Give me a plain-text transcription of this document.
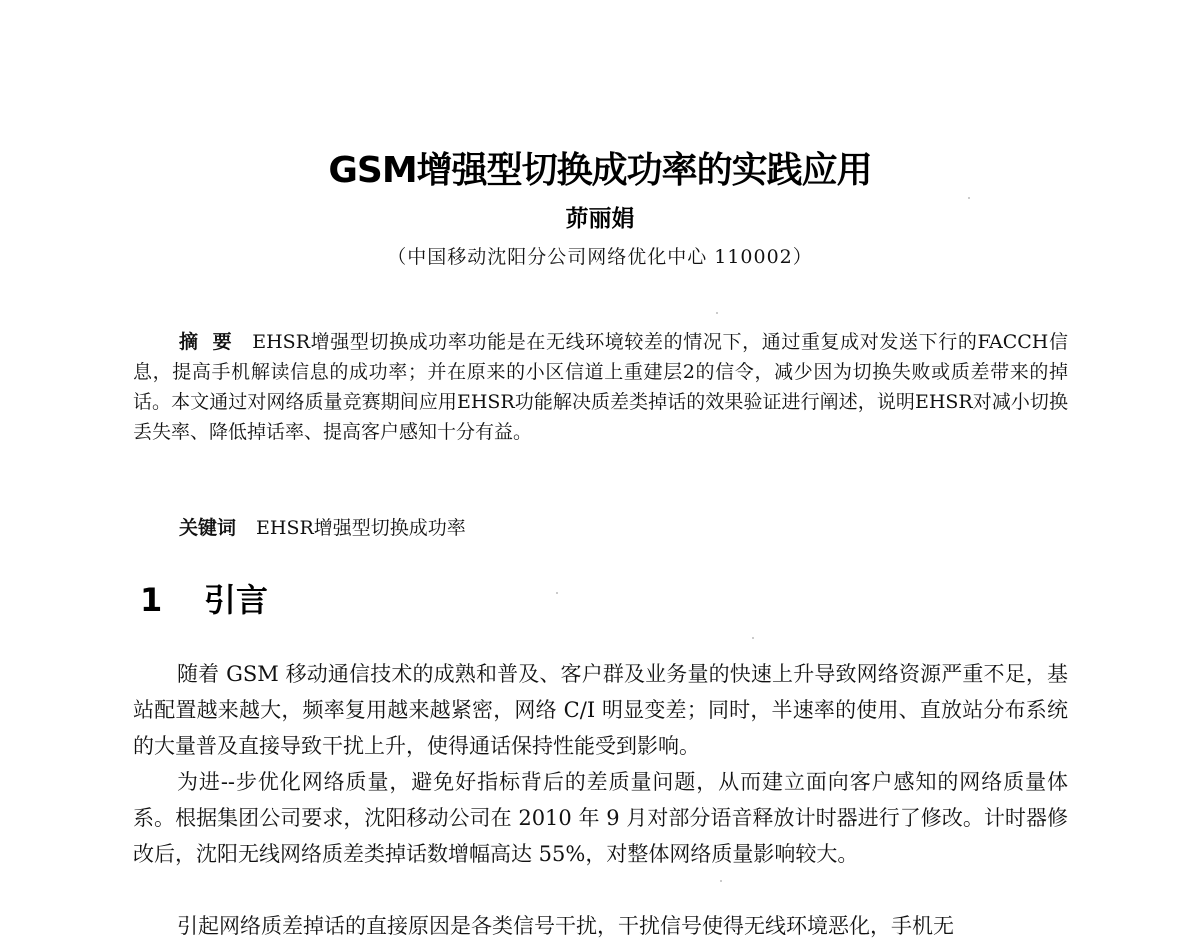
GSM增强型切换成功率的实践应用
茆丽娟
（中国移动沈阳分公司网络优化中心 110002）

摘要 EHSR增强型切换成功率功能是在无线环境较差的情况下，通过重复成对发送下行的FACCH信息，提高手机解读信息的成功率；并在原来的小区信道上重建层2的信令，减少因为切换失败或质差带来的掉话。本文通过对网络质量竞赛期间应用EHSR功能解决质差类掉话的效果验证进行阐述，说明EHSR对减小切换丢失率、降低掉话率、提高客户感知十分有益。

关键词 EHSR增强型切换成功率
1 引言

随着 GSM 移动通信技术的成熟和普及、客户群及业务量的快速上升导致网络资源严重不足，基站配置越来越大，频率复用越来越紧密，网络 C/I 明显变差；同时，半速率的使用、直放站分布系统的大量普及直接导致干扰上升，使得通话保持性能受到影响。

为进--步优化网络质量，避免好指标背后的差质量问题，从而建立面向客户感知的网络质量体系。根据集团公司要求，沈阳移动公司在 2010 年 9 月对部分语音释放计时器进行了修改。计时器修改后，沈阳无线网络质差类掉话数增幅高达 55%，对整体网络质量影响较大。

引起网络质差掉话的直接原因是各类信号干扰，干扰信号使得无线环境恶化，手机无
